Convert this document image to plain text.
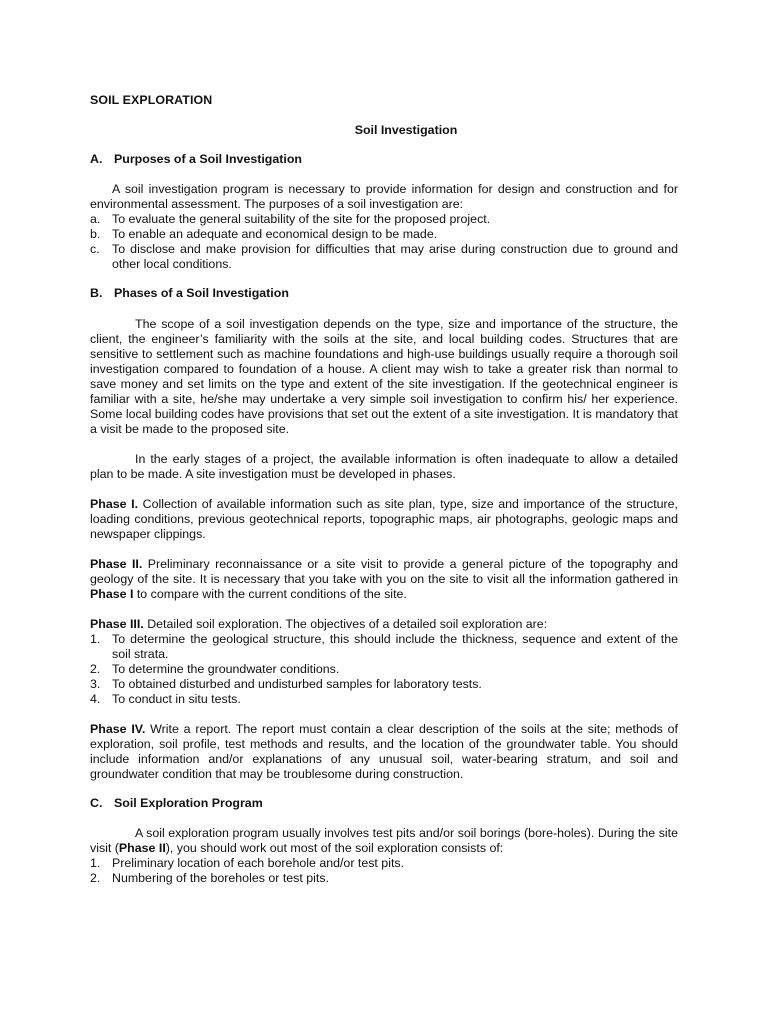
SOIL EXPLORATION
Soil Investigation
A. Purposes of a Soil Investigation

A soil investigation program is necessary to provide information for design and construction and for environmental assessment. The purposes of a soil investigation are:

a. To evaluate the general suitability of the site for the proposed project.
b. To enable an adequate and economical design to be made.
c. To disclose and make provision for difficulties that may arise during construction due to ground and other local conditions.
B. Phases of a Soil Investigation

The scope of a soil investigation depends on the type, size and importance of the structure, the client, the engineer’s familiarity with the soils at the site, and local building codes. Structures that are sensitive to settlement such as machine foundations and high-use buildings usually require a thorough soil investigation compared to foundation of a house. A client may wish to take a greater risk than normal to save money and set limits on the type and extent of the site investigation. If the geotechnical engineer is familiar with a site, he/she may undertake a very simple soil investigation to confirm his/ her experience. Some local building codes have provisions that set out the extent of a site investigation. It is mandatory that a visit be made to the proposed site.

In the early stages of a project, the available information is often inadequate to allow a detailed plan to be made. A site investigation must be developed in phases.

Phase I. Collection of available information such as site plan, type, size and importance of the structure, loading conditions, previous geotechnical reports, topographic maps, air photographs, geologic maps and newspaper clippings.

Phase II. Preliminary reconnaissance or a site visit to provide a general picture of the topography and geology of the site. It is necessary that you take with you on the site to visit all the information gathered in Phase I to compare with the current conditions of the site.

Phase III. Detailed soil exploration. The objectives of a detailed soil exploration are:

1. To determine the geological structure, this should include the thickness, sequence and extent of the soil strata.
2. To determine the groundwater conditions.
3. To obtained disturbed and undisturbed samples for laboratory tests.
4. To conduct in situ tests.

Phase IV. Write a report. The report must contain a clear description of the soils at the site; methods of exploration, soil profile, test methods and results, and the location of the groundwater table. You should include information and/or explanations of any unusual soil, water-bearing stratum, and soil and groundwater condition that may be troublesome during construction.

C. Soil Exploration Program

A soil exploration program usually involves test pits and/or soil borings (bore-holes). During the site visit (Phase II), you should work out most of the soil exploration consists of:

1. Preliminary location of each borehole and/or test pits.
2. Numbering of the boreholes or test pits.
